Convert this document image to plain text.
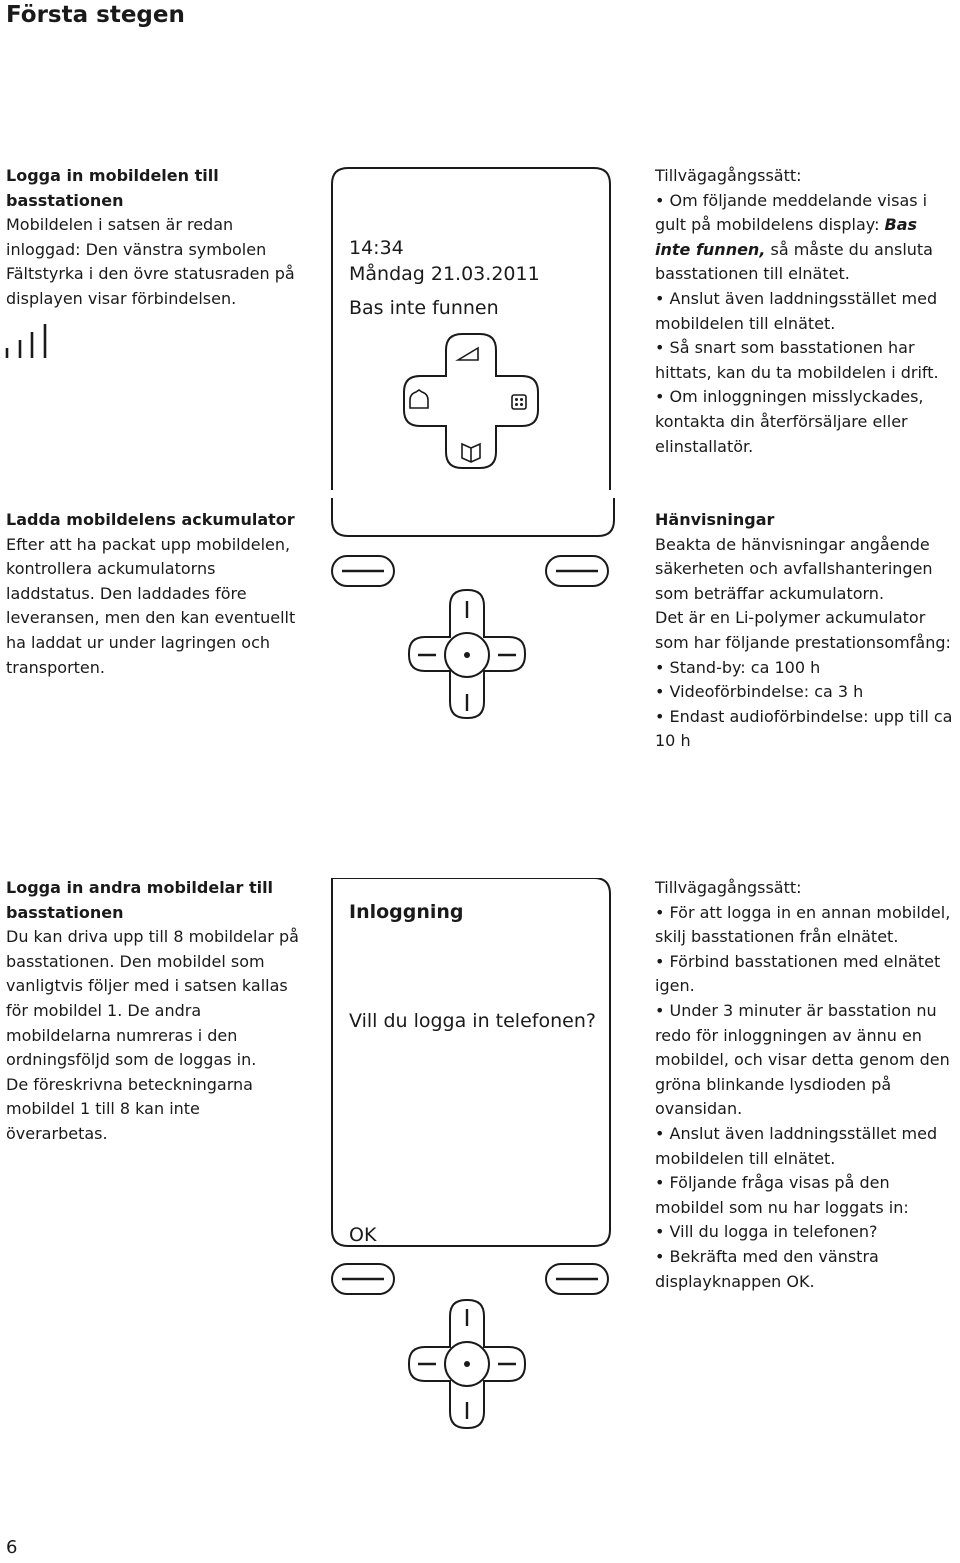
Första stegen

Logga in mobildelen till basstationen

Mobildelen i satsen är redan inloggad: Den vänstra symbolen Fältstyrka i den övre statusraden på displayen visar förbindelsen.

14:34
Måndag 21.03.2011
Bas inte funnen

Tillvägagångssätt:

• Om följande meddelande visas i gult på mobildelens display: Bas inte funnen, så måste du ansluta basstationen till elnätet.

• Anslut även laddningsstället med mobildelen till elnätet.

• Så snart som basstationen har hittats, kan du ta mobildelen i drift.

• Om inloggningen misslyckades, kontakta din återförsäljare eller elinstallatör.

Ladda mobildelens ackumulator

Efter att ha packat upp mobildelen, kontrollera ackumulatorns laddstatus. Den laddades före leveransen, men den kan eventuellt ha laddat ur under lagringen och transporten.

Hänvisningar

Beakta de hänvisningar angående säkerheten och avfallshanteringen som beträffar ackumulatorn.

Det är en Li-polymer ackumulator som har följande prestationsomfång:

• Stand-by: ca 100 h

• Videoförbindelse: ca 3 h

• Endast audioförbindelse: upp till ca 10 h

Logga in andra mobildelar till basstationen

Du kan driva upp till 8 mobildelar på basstationen. Den mobildel som vanligtvis följer med i satsen kallas för mobildel 1. De andra mobildelarna numreras i den ordningsföljd som de loggas in.

De föreskrivna beteckningarna mobildel 1 till 8 kan inte överarbetas.

Inloggning
Vill du logga in telefonen?
OK

Tillvägagångssätt:

• För att logga in en annan mobildel, skilj basstationen från elnätet.

• Förbind basstationen med elnätet igen.

• Under 3 minuter är basstation nu redo för inloggningen av ännu en mobildel, och visar detta genom den gröna blinkande lysdioden på ovansidan.

• Anslut även laddningsstället med mobildelen till elnätet.

• Följande fråga visas på den mobildel som nu har loggats in:

• Vill du logga in telefonen?

• Bekräfta med den vänstra displayknappen OK.

6
